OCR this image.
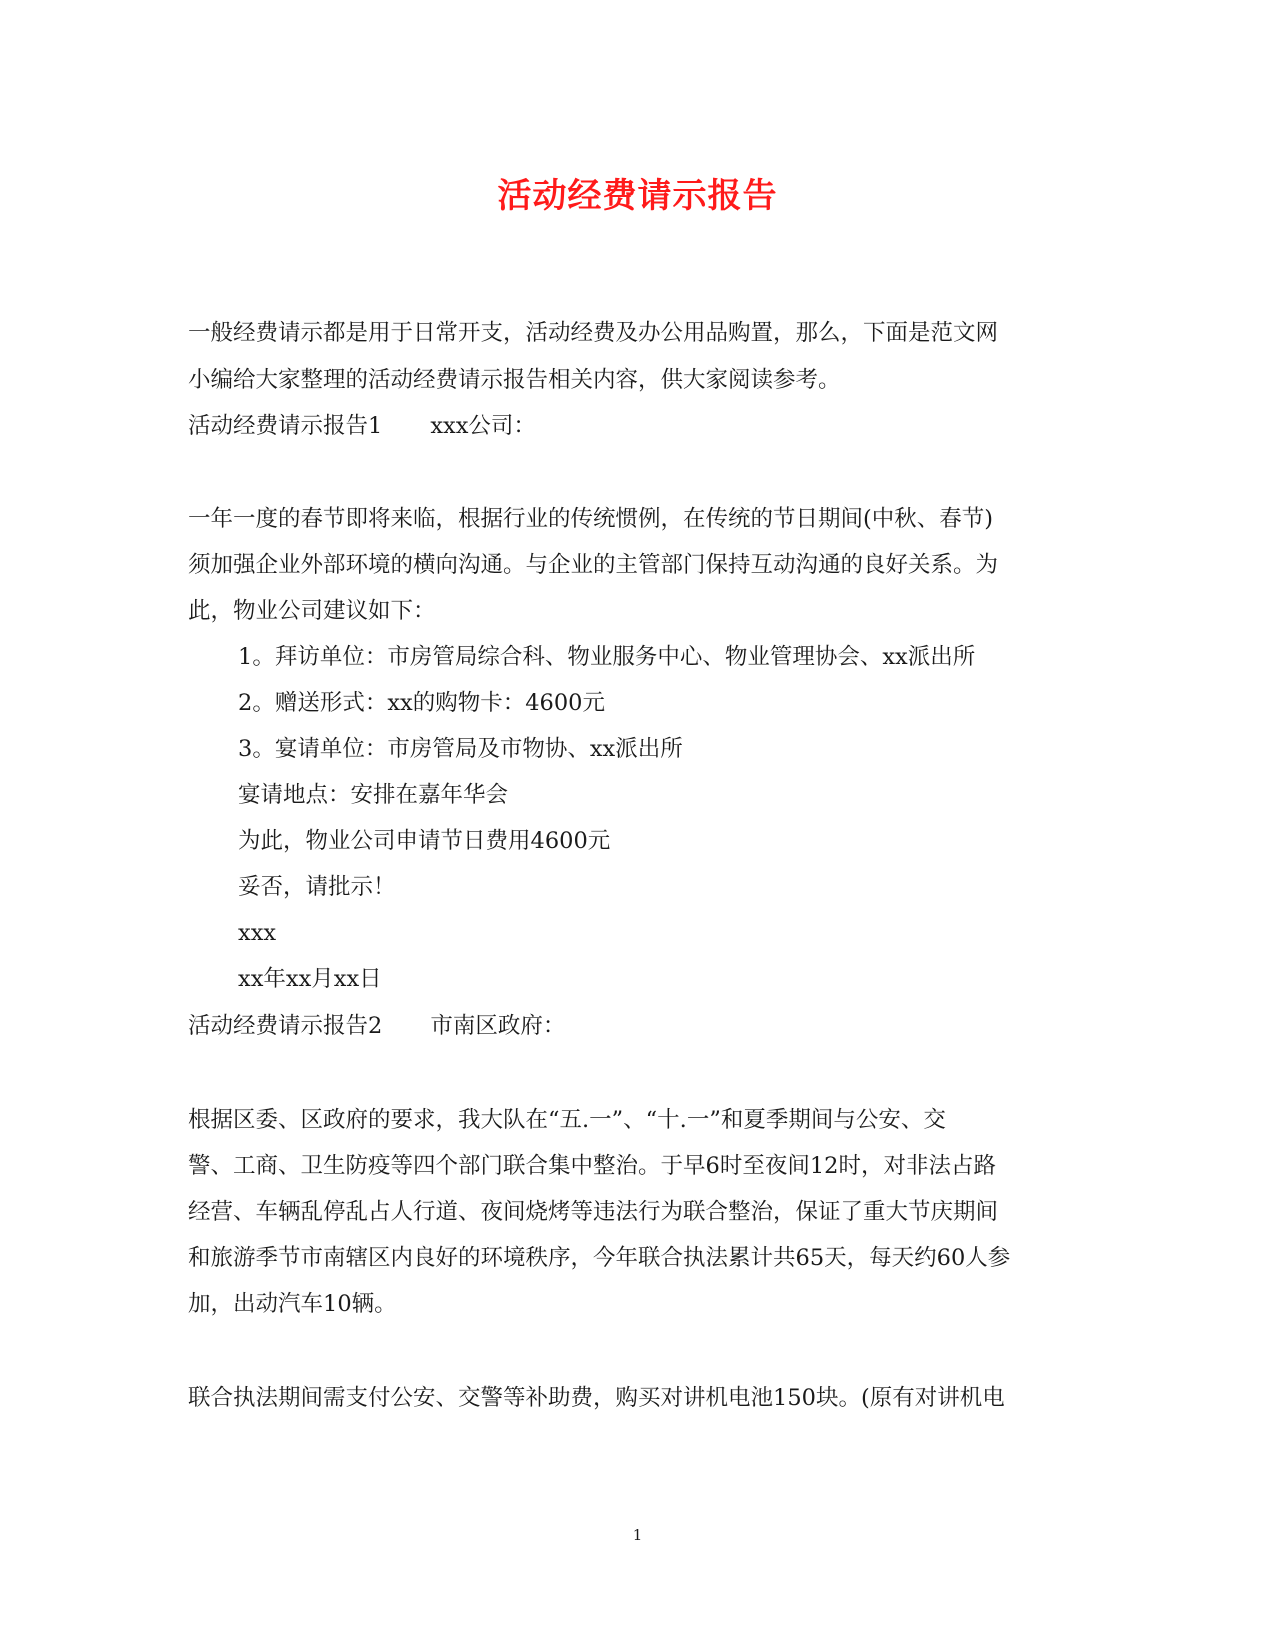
活动经费请示报告
一般经费请示都是用于日常开支，活动经费及办公用品购置，那么，下面是范文网
小编给大家整理的活动经费请示报告相关内容，供大家阅读参考。
活动经费请示报告1 xxx公司：
一年一度的春节即将来临，根据行业的传统惯例，在传统的节日期间(中秋、春节)
须加强企业外部环境的横向沟通。与企业的主管部门保持互动沟通的良好关系。为
此，物业公司建议如下：
1。拜访单位：市房管局综合科、物业服务中心、物业管理协会、xx派出所
2。赠送形式：xx的购物卡：4600元
3。宴请单位：市房管局及市物协、xx派出所
宴请地点：安排在嘉年华会
为此，物业公司申请节日费用4600元
妥否，请批示！
xxx
xx年xx月xx日
活动经费请示报告2 市南区政府：
根据区委、区政府的要求，我大队在“五.一”、“十.一”和夏季期间与公安、交
警、工商、卫生防疫等四个部门联合集中整治。于早6时至夜间12时，对非法占路
经营、车辆乱停乱占人行道、夜间烧烤等违法行为联合整治，保证了重大节庆期间
和旅游季节市南辖区内良好的环境秩序，今年联合执法累计共65天，每天约60人参
加，出动汽车10辆。
联合执法期间需支付公安、交警等补助费，购买对讲机电池150块。(原有对讲机电
1
